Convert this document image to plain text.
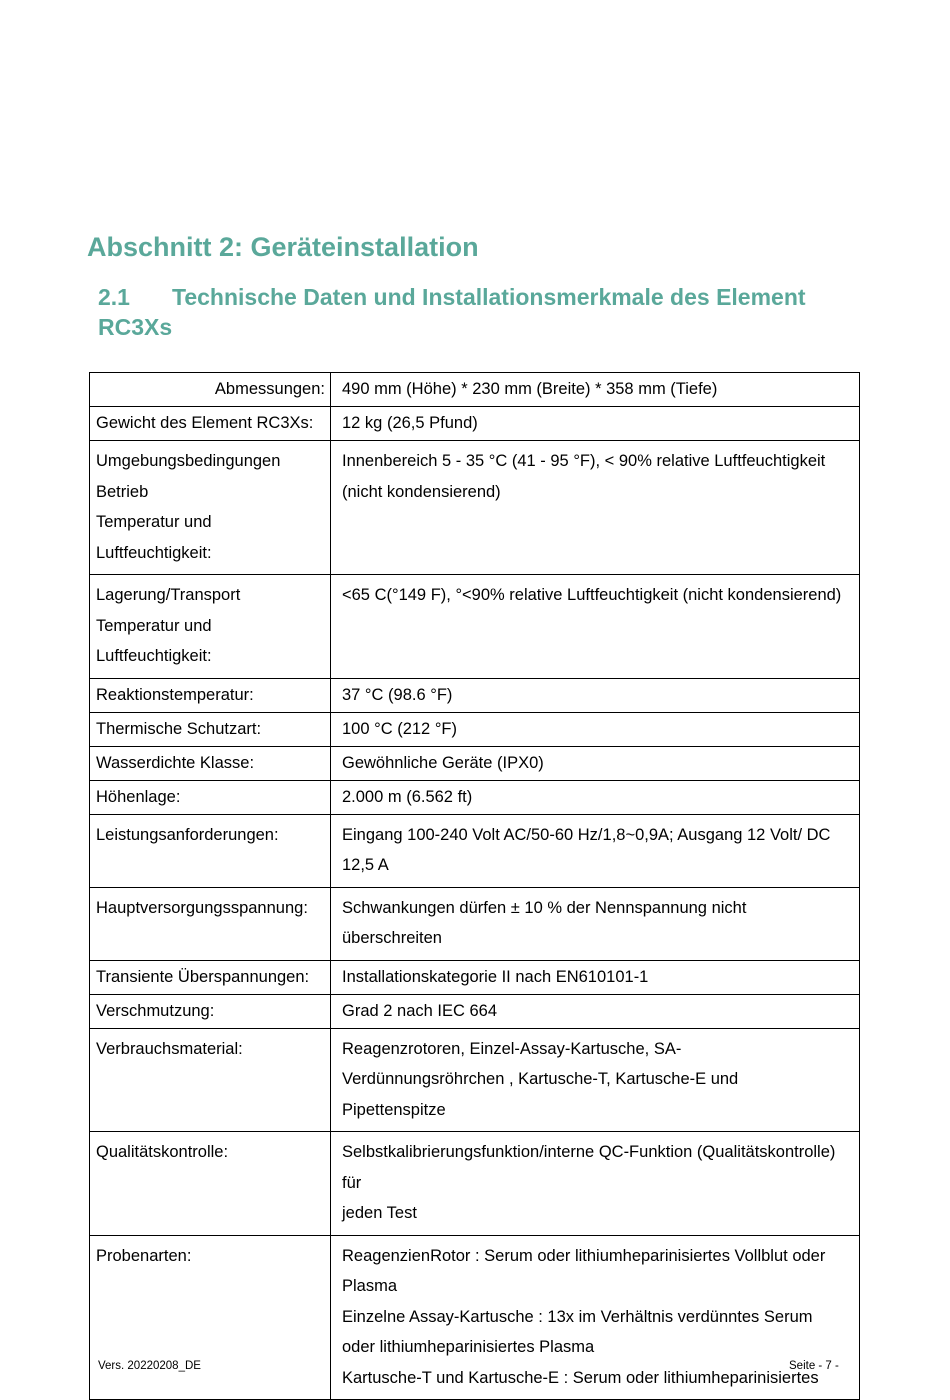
Abschnitt 2: Geräteinstallation
2.1 Technische Daten und Installationsmerkmale des Element RC3Xs
Abmessungen:	490 mm (Höhe) * 230 mm (Breite) * 358 mm (Tiefe)

Gewicht des Element RC3Xs:	12 kg (26,5 Pfund)

Umgebungsbedingungen
Betrieb
Temperatur und
Luftfeuchtigkeit:	Innenbereich 5 - 35 °C (41 - 95 °F), < 90% relative Luftfeuchtigkeit
(nicht kondensierend)

Lagerung/Transport
Temperatur und
Luftfeuchtigkeit:	<65 C(°149 F), °<90% relative Luftfeuchtigkeit (nicht kondensierend)

Reaktionstemperatur:	37 °C (98.6 °F)

Thermische Schutzart:	100 °C (212 °F)

Wasserdichte Klasse:	Gewöhnliche Geräte (IPX0)

Höhenlage:	2.000 m (6.562 ft)

Leistungsanforderungen:	Eingang 100-240 Volt AC/50-60 Hz/1,8~0,9A; Ausgang 12 Volt/ DC
12,5 A

Hauptversorgungsspannung:	Schwankungen dürfen ± 10 % der Nennspannung nicht
überschreiten

Transiente Überspannungen:	Installationskategorie II nach EN610101-1

Verschmutzung:	Grad 2 nach IEC 664

Verbrauchsmaterial:	Reagenzrotoren, Einzel-Assay-Kartusche, SA-
Verdünnungsröhrchen , Kartusche-T, Kartusche-E und
Pipettenspitze

Qualitätskontrolle:	Selbstkalibrierungsfunktion/interne QC-Funktion (Qualitätskontrolle) für
jeden Test

Probenarten:	ReagenzienRotor : Serum oder lithiumheparinisiertes Vollblut oder
Plasma
Einzelne Assay-Kartusche : 13x im Verhältnis verdünntes Serum
oder lithiumheparinisiertes Plasma
Kartusche-T und Kartusche-E : Serum oder lithiumheparinisiertes
Vers. 20220208_DE	Seite - 7 -
